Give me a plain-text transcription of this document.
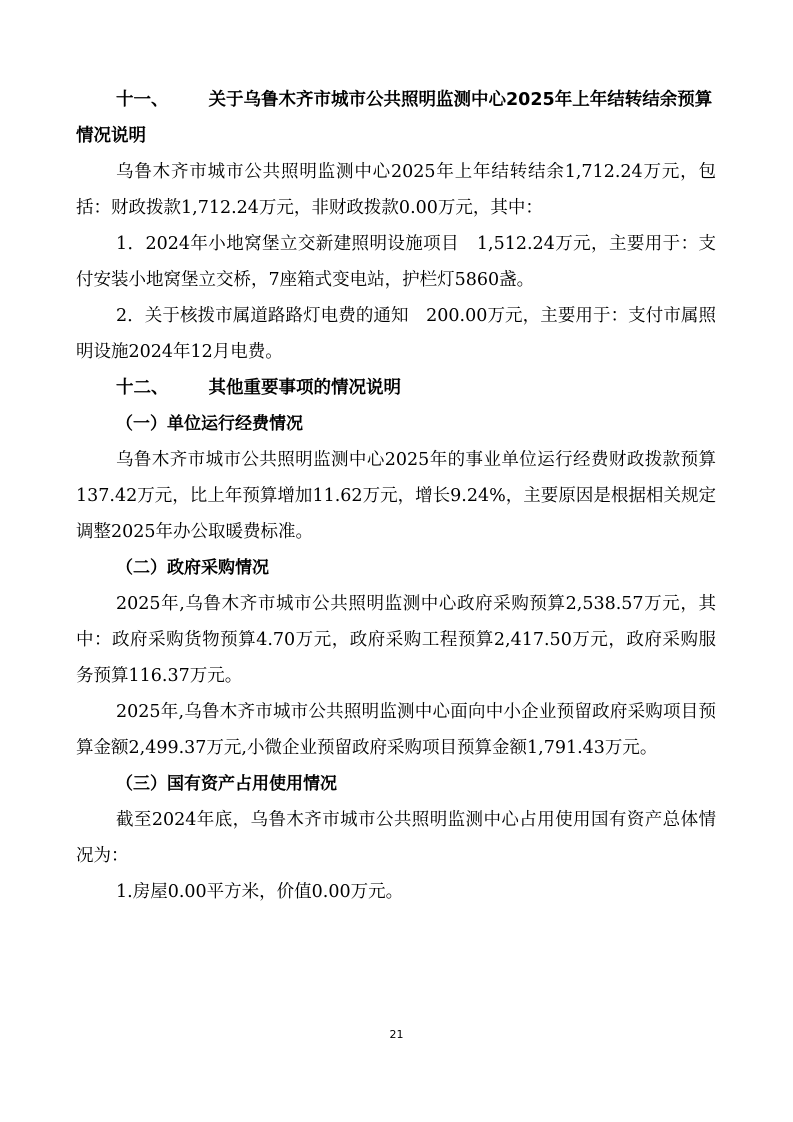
十一、 关于乌鲁木齐市城市公共照明监测中心2025年上年结转结余预算情况说明

乌鲁木齐市城市公共照明监测中心2025年上年结转结余1,712.24万元，包括：财政拨款1,712.24万元，非财政拨款0.00万元，其中：

1．2024年小地窝堡立交新建照明设施项目　1,512.24万元，主要用于：支付安装小地窝堡立交桥，7座箱式变电站，护栏灯5860盏。

2．关于核拨市属道路路灯电费的通知　200.00万元，主要用于：支付市属照明设施2024年12月电费。

十二、 其他重要事项的情况说明

（一）单位运行经费情况

乌鲁木齐市城市公共照明监测中心2025年的事业单位运行经费财政拨款预算137.42万元，比上年预算增加11.62万元，增长9.24%，主要原因是根据相关规定调整2025年办公取暖费标准。

（二）政府采购情况

2025年,乌鲁木齐市城市公共照明监测中心政府采购预算2,538.57万元，其中：政府采购货物预算4.70万元，政府采购工程预算2,417.50万元，政府采购服务预算116.37万元。

2025年,乌鲁木齐市城市公共照明监测中心面向中小企业预留政府采购项目预算金额2,499.37万元,小微企业预留政府采购项目预算金额1,791.43万元。

（三）国有资产占用使用情况

截至2024年底，乌鲁木齐市城市公共照明监测中心占用使用国有资产总体情况为：

1.房屋0.00平方米，价值0.00万元。

21
